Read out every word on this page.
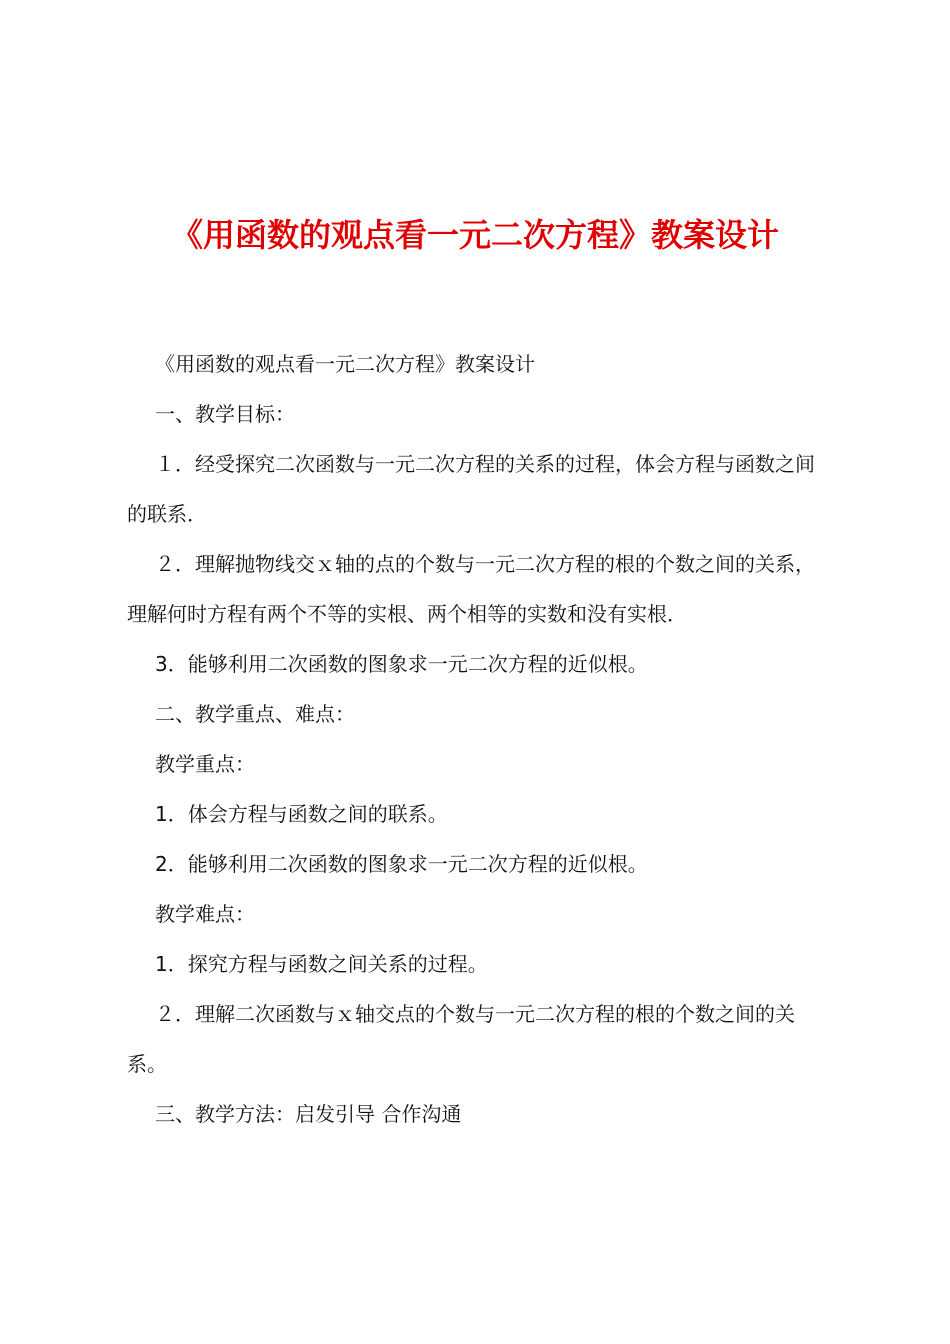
《用函数的观点看一元二次方程》教案设计

《用函数的观点看一元二次方程》教案设计

一、教学目标：

１．经受探究二次函数与一元二次方程的关系的过程，体会方程与函数之间的联系．

２．理解抛物线交ｘ轴的点的个数与一元二次方程的根的个数之间的关系，理解何时方程有两个不等的实根、两个相等的实数和没有实根．

3．能够利用二次函数的图象求一元二次方程的近似根。

二、教学重点、难点：

教学重点：

1．体会方程与函数之间的联系。

2．能够利用二次函数的图象求一元二次方程的近似根。

教学难点：

1．探究方程与函数之间关系的过程。

２．理解二次函数与ｘ轴交点的个数与一元二次方程的根的个数之间的关系。

三、教学方法：启发引导 合作沟通
